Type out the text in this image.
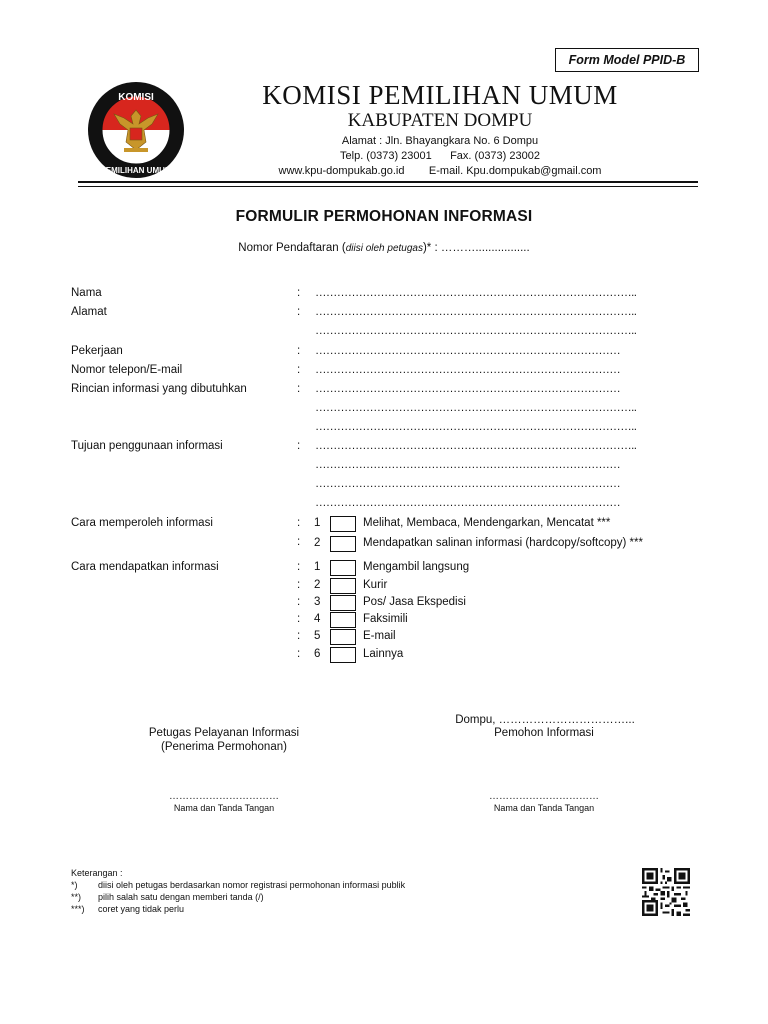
Form Model PPID-B
KOMISI
PEMILIHAN UMUM
KOMISI PEMILIHAN UMUM
KABUPATEN DOMPU
Alamat : Jln. Bhayangkara No. 6 Dompu
Telp. (0373) 23001      Fax. (0373) 23002
www.kpu-dompukab.go.id        E-mail. Kpu.dompukab@gmail.com
FORMULIR PERMOHONAN INFORMASI
Nomor Pendaftaran (diisi oleh petugas)* : ……….................
Nama	: ……………………………………………………………………………..
Alamat	: ……………………………………………………………………………..
……………………………………………………………………………..
Pekerjaan	: …………………………………………………………………………
Nomor telepon/E-mail	: …………………………………………………………………………
Rincian informasi yang dibutuhkan	: …………………………………………………………………………
……………………………………………………………………………..
……………………………………………………………………………..
Tujuan penggunaan informasi	: ……………………………………………………………………………..
…………………………………………………………………………
…………………………………………………………………………
…………………………………………………………………………
Cara memperoleh informasi	: 1	Melihat, Membaca, Mendengarkan, Mencatat ***
: 2	Mendapatkan salinan informasi (hardcopy/softcopy) ***
Cara mendapatkan informasi	: 1	Mengambil langsung
: 2	Kurir
: 3	Pos/ Jasa Ekspedisi
: 4	Faksimili
: 5	E-mail
: 6	Lainnya
Dompu, ……………………………...
Petugas Pelayanan Informasi
(Penerima Permohonan)
Pemohon Informasi
……………………………
Nama dan Tanda Tangan
……………………………
Nama dan Tanda Tangan
Keterangan :
*) diisi oleh petugas berdasarkan nomor registrasi permohonan informasi publik
**) pilih salah satu dengan memberi tanda (/)
***) coret yang tidak perlu
